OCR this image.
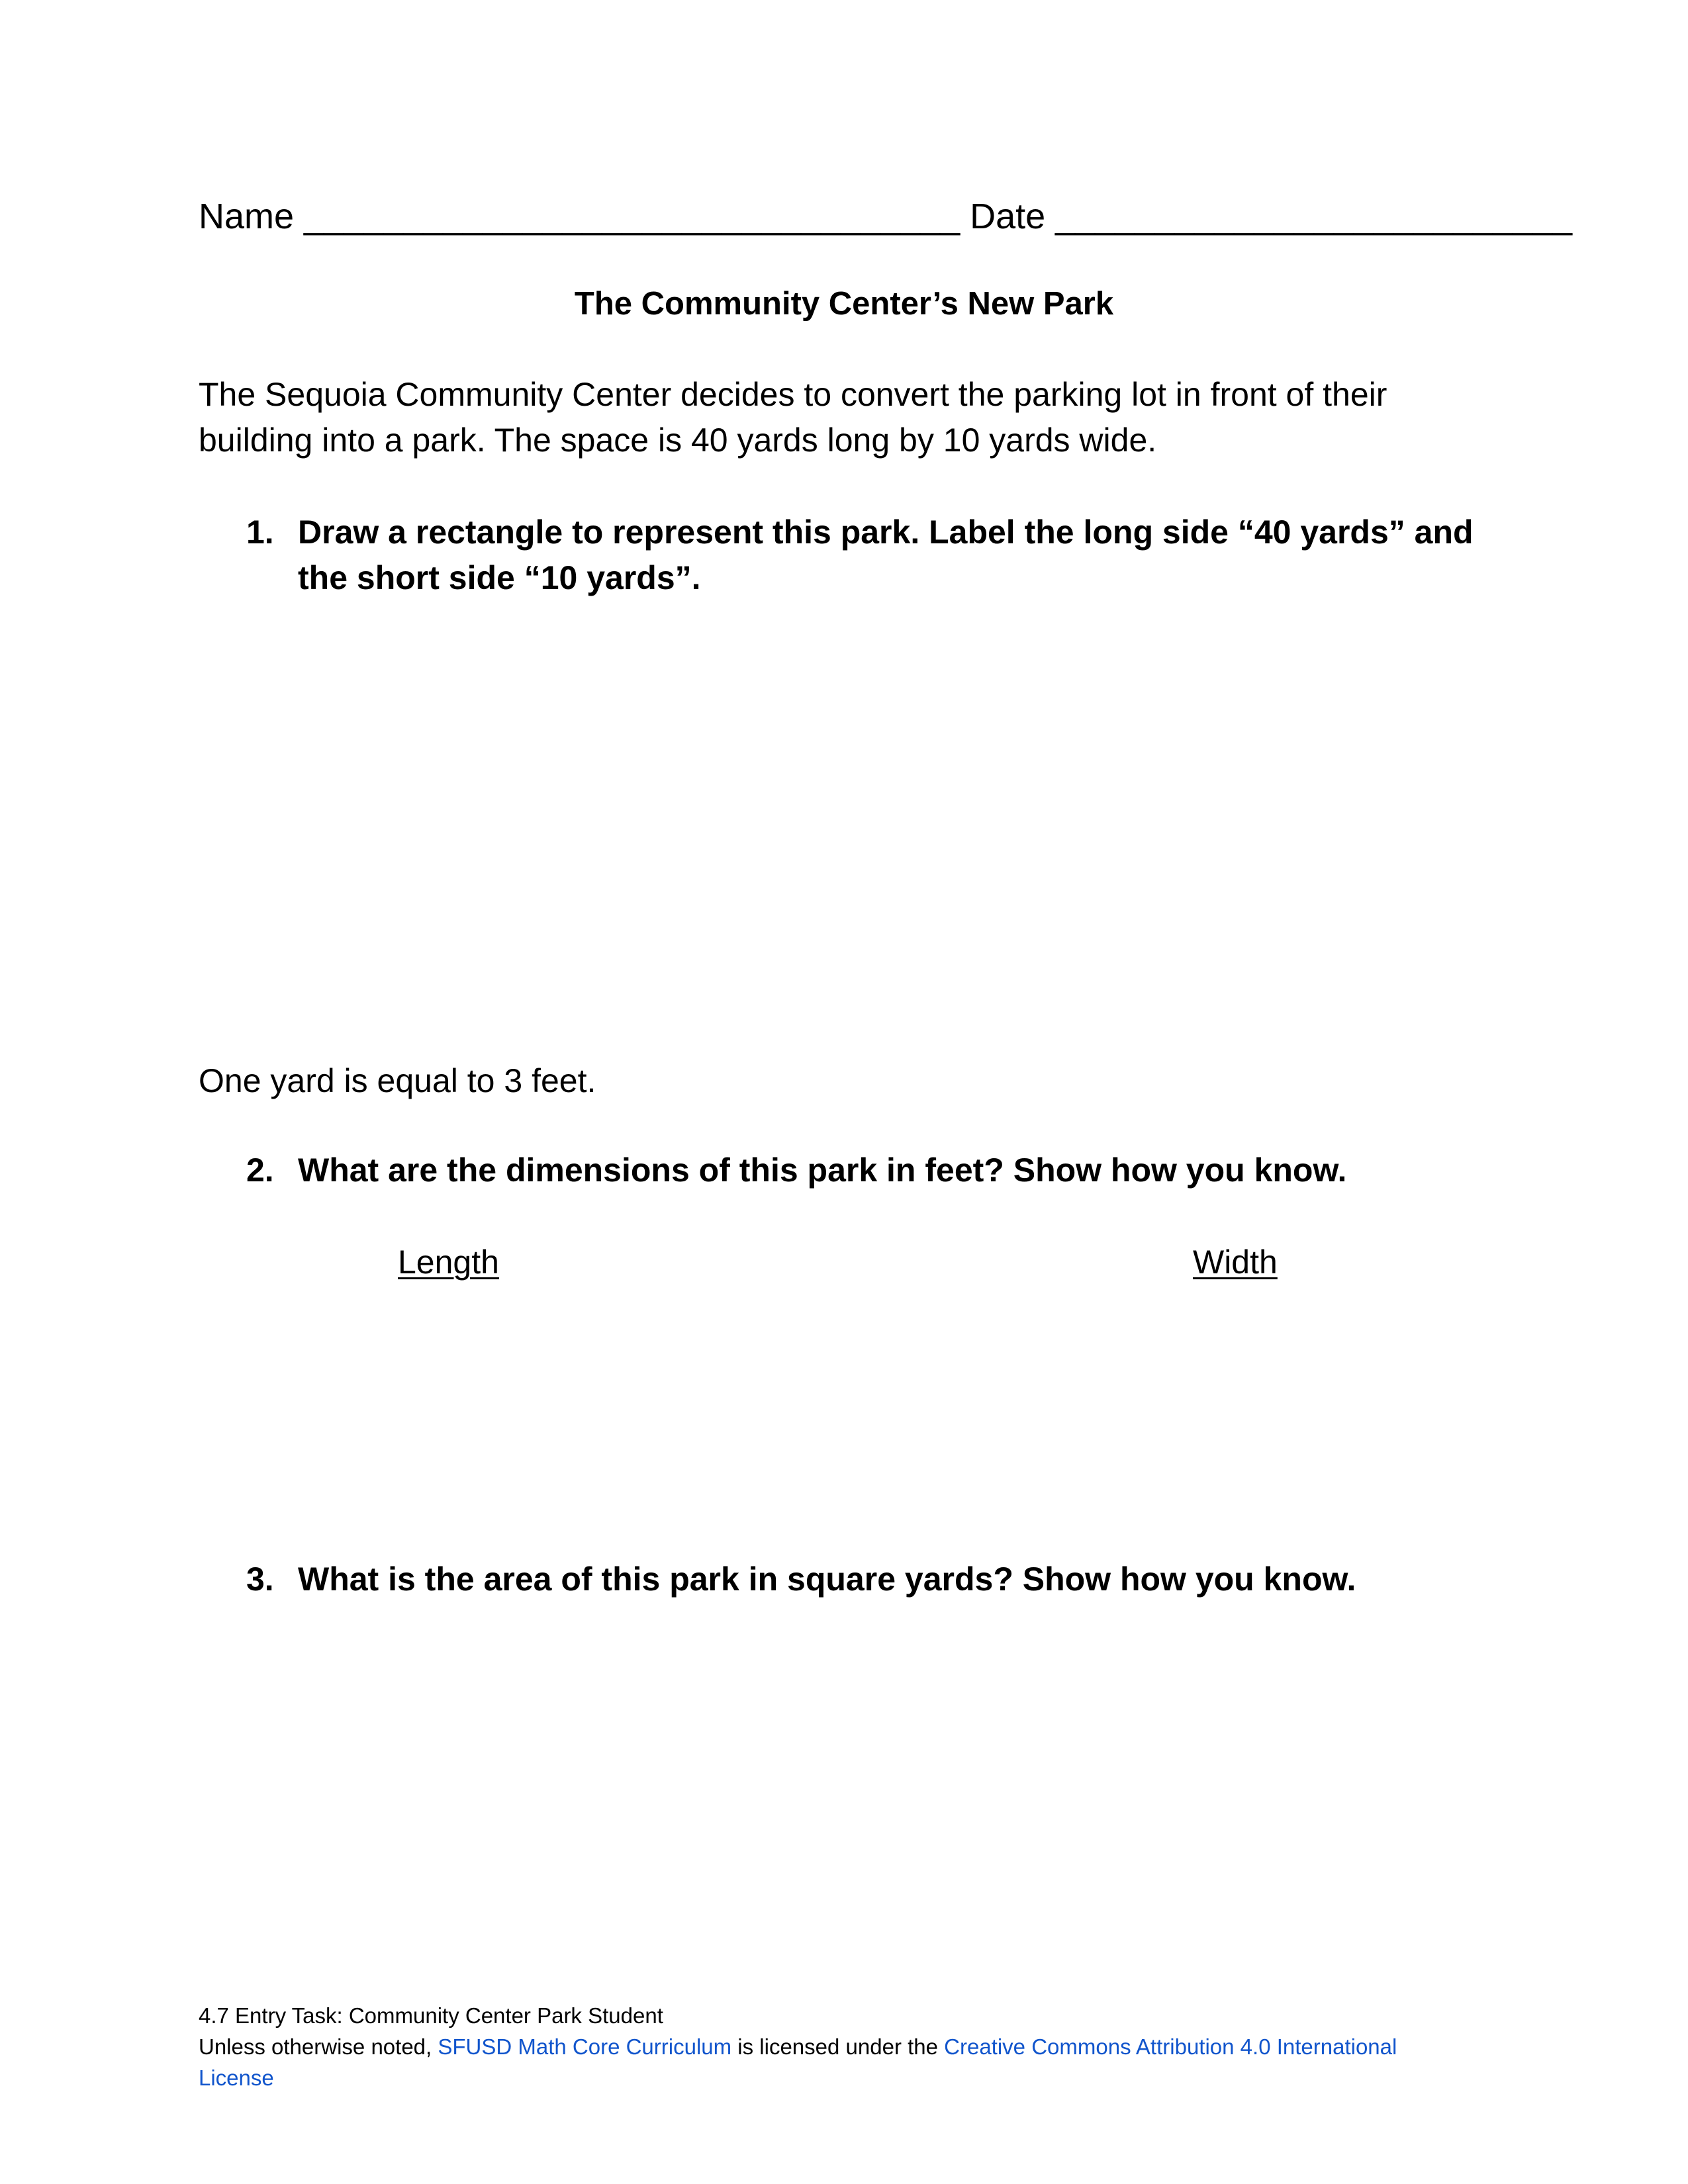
Name _________________________________ Date __________________________
The Community Center’s New Park

The Sequoia Community Center decides to convert the parking lot in front of their

building into a park. The space is 40 yards long by 10 yards wide.

1. Draw a rectangle to represent this park. Label the long side “40 yards” and

the short side “10 yards”.

One yard is equal to 3 feet.
2. What are the dimensions of this park in feet? Show how you know.
Length	Width
3. What is the area of this park in square yards? Show how you know.

4.7 Entry Task: Community Center Park Student

Unless otherwise noted, SFUSD Math Core Curriculum is licensed under the Creative Commons Attribution 4.0 International

License
